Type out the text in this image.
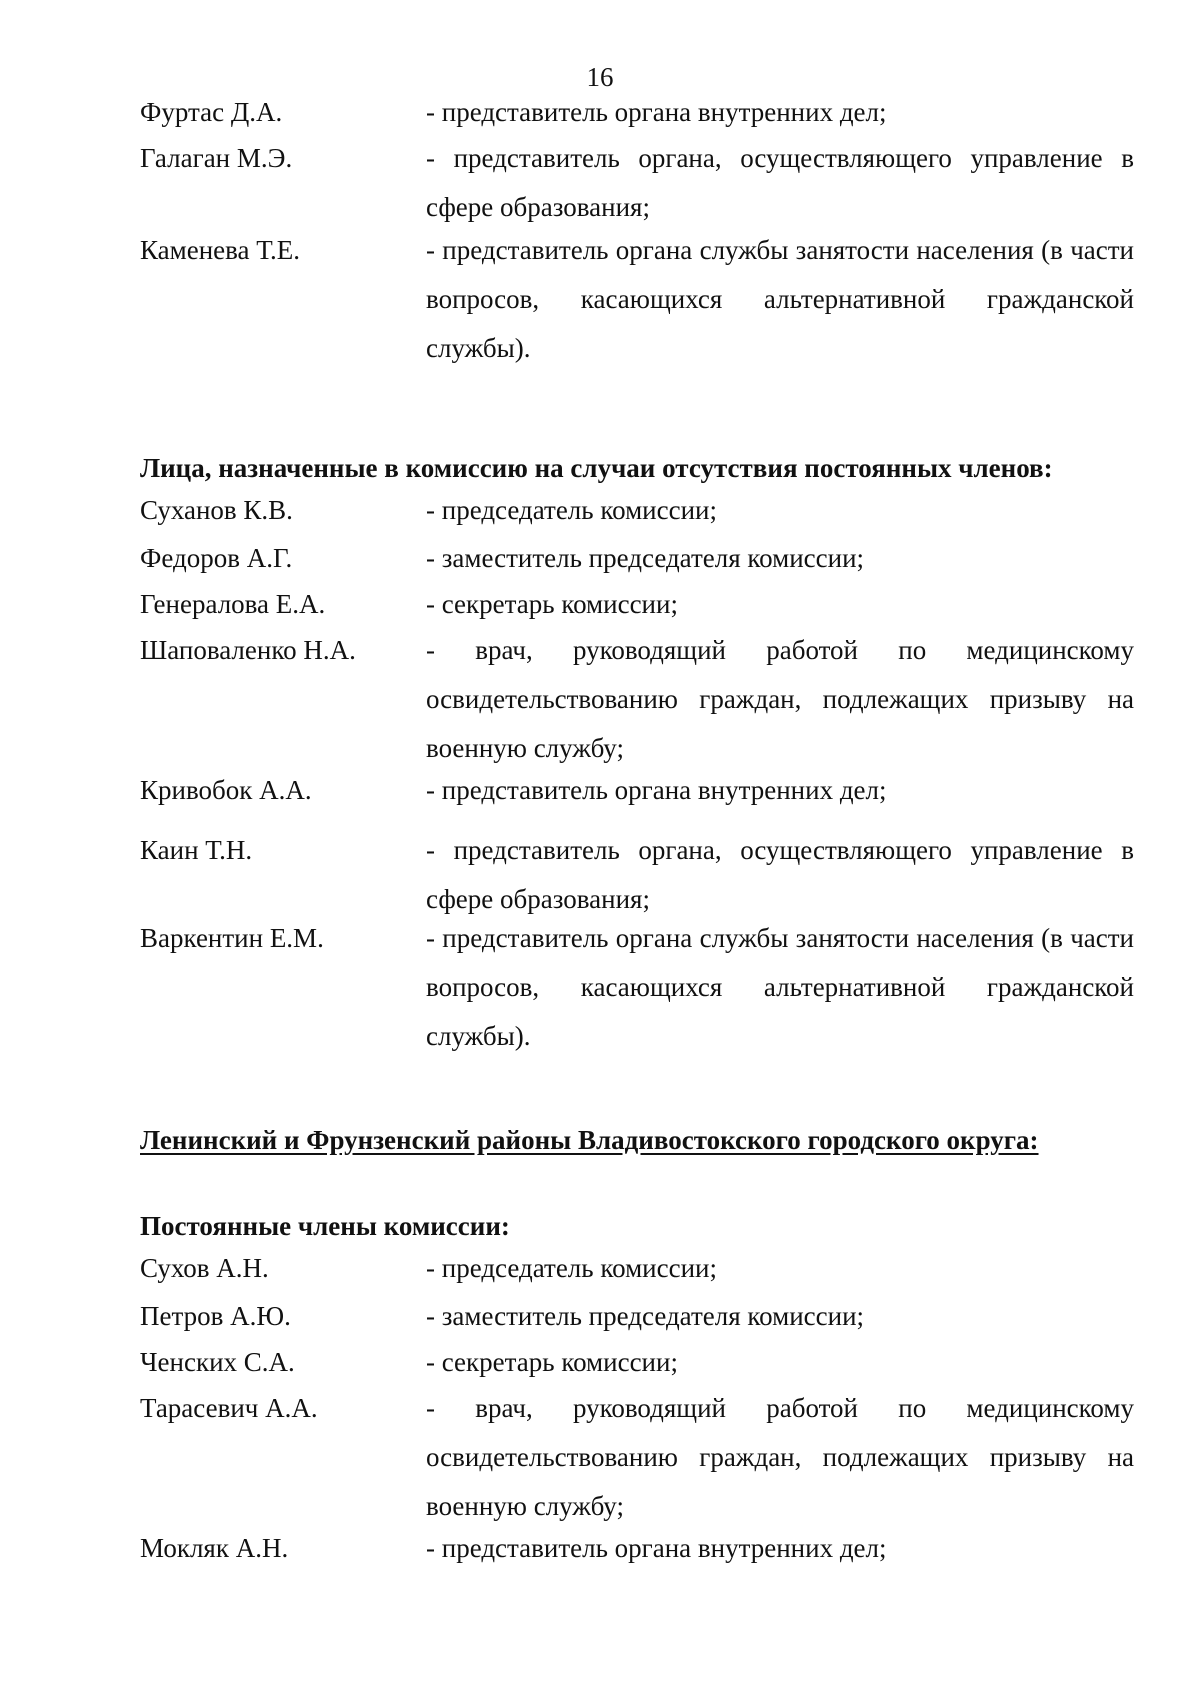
16
Фуртас Д.А.	- представитель органа внутренних дел;
Галаган М.Э.	- представитель органа, осуществляющего управление в сфере образования;
Каменева Т.Е.	- представитель органа службы занятости населения (в части вопросов, касающихся альтернативной гражданской службы).
Лица, назначенные в комиссию на случаи отсутствия постоянных членов:
Суханов К.В.	- председатель комиссии;
Федоров А.Г.	- заместитель председателя комиссии;
Генералова Е.А.	- секретарь комиссии;
Шаповаленко Н.А.	- врач, руководящий работой по медицинскому освидетельствованию граждан, подлежащих призыву на военную службу;
Кривобок А.А.	- представитель органа внутренних дел;
Каин Т.Н.	- представитель органа, осуществляющего управление в сфере образования;
Варкентин Е.М.	- представитель органа службы занятости населения (в части вопросов, касающихся альтернативной гражданской службы).
Ленинский и Фрунзенский районы Владивостокского городского округа:
Постоянные члены комиссии:
Сухов А.Н.	- председатель комиссии;
Петров А.Ю.	- заместитель председателя комиссии;
Ченских С.А.	- секретарь комиссии;
Тарасевич А.А.	- врач, руководящий работой по медицинскому освидетельствованию граждан, подлежащих призыву на военную службу;
Мокляк А.Н.	- представитель органа внутренних дел;
